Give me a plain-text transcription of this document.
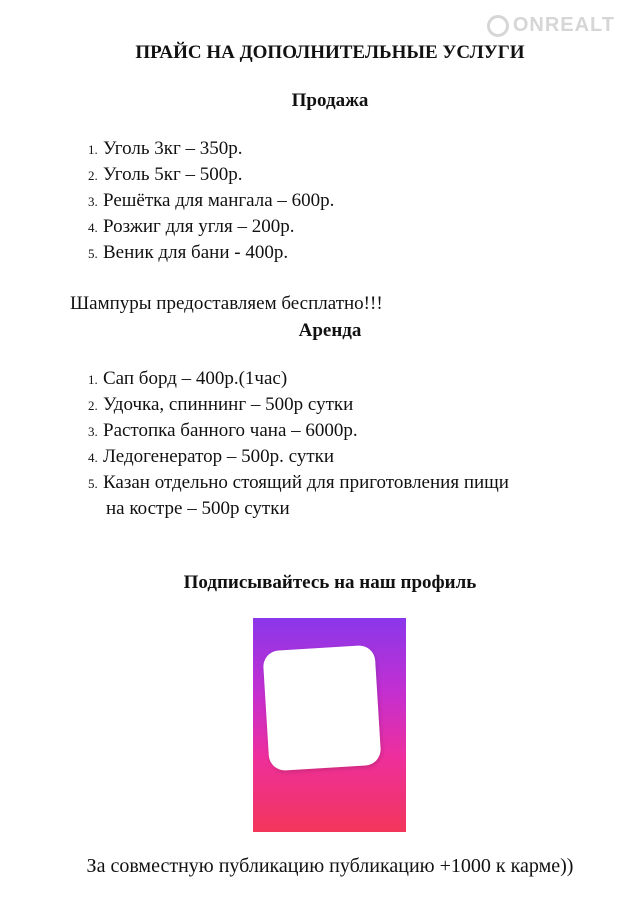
ONREALT
ПРАЙС НА ДОПОЛНИТЕЛЬНЫЕ УСЛУГИ
Продажа
1. Уголь 3кг – 350р.
2. Уголь 5кг – 500р.
3. Решётка для мангала – 600р.
4. Розжиг для угля – 200р.
5. Веник для бани - 400р.
Шампуры предоставляем бесплатно!!!
Аренда
1. Сап борд – 400р.(1час)
2. Удочка, спиннинг – 500р сутки
3. Растопка банного чана – 6000р.
4. Ледогенератор – 500р. сутки
5. Казан отдельно стоящий для приготовления пищи
на костре – 500р сутки
Подписывайтесь на наш профиль
За совместную публикацию публикацию +1000 к карме))
